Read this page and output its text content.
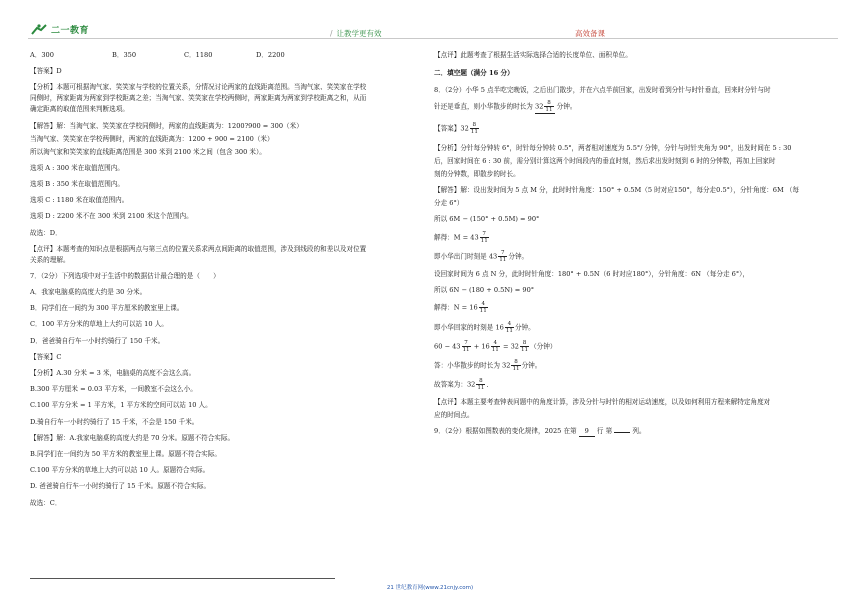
二一教育	/ 让教学更有效	高效备课

A．300	B．350	C．1180	D．2200

【答案】D

【分析】本题可根据淘气家、笑笑家与学校的位置关系，分情况讨论两家的直线距离范围。当淘气家、笑笑家在学校

同侧时，两家距离为两家到学校距离之差；当淘气家、笑笑家在学校两侧时，两家距离为两家到学校距离之和，从而

确定距离的取值范围来判断选项。

【解答】解：当淘气家、笑笑家在学校同侧时，两家的直线距离为：1200?900 = 300（米）

当淘气家、笑笑家在学校两侧时，两家的直线距离为：1200 + 900 = 2100（米）

所以淘气家和笑笑家的直线距离范围是 300 米到 2100 米之间（包含 300 米）。

选项 A : 300 米在取值范围内。

选项 B : 350 米在取值范围内。

选项 C : 1180 米在取值范围内。

选项 D : 2200 米不在 300 米到 2100 米这个范围内。

故选：D．

【点评】本题考查的知识点是根据两点与第三点的位置关系求两点间距离的取值范围，涉及到线段的和差以及对位置

关系的理解。

7．（2分）下列选项中对于生活中的数据估计最合理的是（　　）

A．我家电脑桌的高度大约是 30 分米。

B．同学们在一间约为 300 平方厘米的教室里上课。

C．100 平方分米的草地上大约可以站 10 人。

D．爸爸骑自行车一小时约骑行了 150 千米。

【答案】C

【分析】A.30 分米 = 3 米，电脑桌的高度不会这么高。

B.300 平方厘米 = 0.03 平方米，一间教室不会这么小。

C.100 平方分米 = 1 平方米，1 平方米的空间可以站 10 人。

D.骑自行车一小时约骑行了 15 千米，不会是 150 千米。

【解答】解：A.我家电脑桌的高度大约是 70 分米。原题不符合实际。

B.同学们在一间约为 50 平方米的教室里上课。原题不符合实际。

C.100 平方分米的草地上大约可以站 10 人。原题符合实际。

D. 爸爸骑自行车一小时约骑行了 15 千米。原题不符合实际。

故选：C．

【点评】此题考查了根据生活实际选择合适的长度单位、面积单位。

二．填空题（满分 16 分）

8．（2分）小华 5 点半吃完晚饭，之后出门散步，并在六点半前回家，出发时看到分针与时针垂直，回来时分针与时

针还是垂直，则小华散步的时长为 $32 \frac{8}{11}$ 分钟。

【答案】$32 \frac{8}{11}$

【分析】分针每分钟转 6°，时针每分钟转 0.5°，两者相对速度为 5.5°/ 分钟，分针与时针夹角为 90°，出发时间在 5 : 30

后，回家时间在 6 : 30 前，需分别计算这两个时间段内的垂直时刻，然后求出发时刻到 6 时的分钟数，再加上回家时

刻的分钟数，即散步的时长。

【解答】解：设出发时间为 5 点 M 分，此时时针角度：150° + 0.5M（5 时对应150°，每分走0.5°），分针角度：6M （每

分走 6°）

所以 6M − (150° + 0.5M) = 90°

解得：$M = 43 \frac{7}{11}$

即小华出门时刻是 $43 \frac{7}{11}$ 分钟。

设回家时间为 6 点 N 分，此时时针角度：180° + 0.5N（6 时对应180°），分针角度：6N （每分走 6°），

所以 6N − (180 + 0.5N) = 90°

解得：$N = 16 \frac{4}{11}$

即小华回家的时刻是 $16 \frac{4}{11}$ 分钟。

$60 - 43 \frac{7}{11} + 16 \frac{4}{11} = 32 \frac{8}{11}$ （分钟）

答：小华散步的时长为 $32 \frac{8}{11}$ 分钟。

故答案为：$32 \frac{8}{11}$ ．

【点评】本题主要考查钟表问题中的角度计算，涉及分针与时针的相对运动速度，以及如何利用方程来解特定角度对

应的时间点。

9．（2分）根据如图数表的变化规律，2025 在第 9 行 第	列。

21 世纪教育网(www.21cnjy.com)
